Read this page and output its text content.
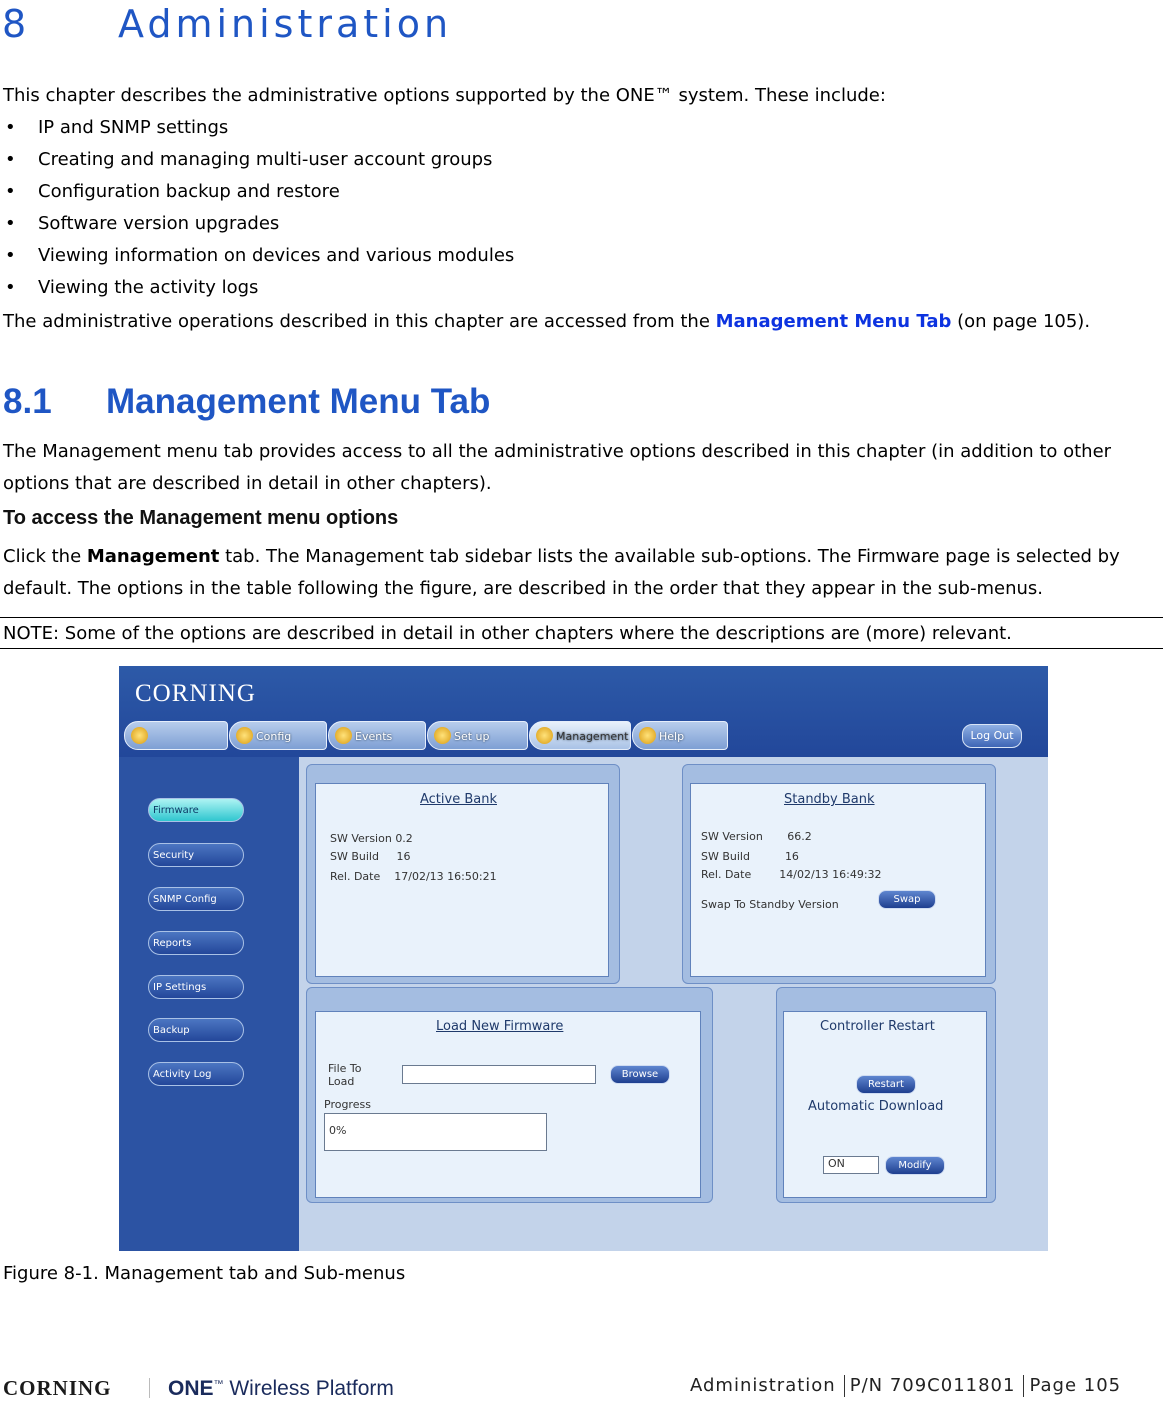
8 Administration
This chapter describes the administrative options supported by the ONE™ system. These include:
• IP and SNMP settings
• Creating and managing multi-user account groups
• Configuration backup and restore
• Software version upgrades
• Viewing information on devices and various modules
• Viewing the activity logs
The administrative operations described in this chapter are accessed from the Management Menu Tab (on page 105).
8.1 Management Menu Tab
The Management menu tab provides access to all the administrative options described in this chapter (in addition to other options that are described in detail in other chapters).
To access the Management menu options
Click the Management tab. The Management tab sidebar lists the available sub-options. The Firmware page is selected by default. The options in the table following the figure, are described in the order that they appear in the sub-menus.
NOTE: Some of the options are described in detail in other chapters where the descriptions are (more) relevant.
CORNING
Config	Events	Set up	Management	Help	Log Out
Firmware
Security
SNMP Config
Reports
IP Settings
Backup
Activity Log
Active Bank
SW Version 0.2
SW Build 16
Rel. Date 17/02/13 16:50:21
Standby Bank
SW Version 66.2
SW Build	16
Rel. Date	14/02/13 16:49:32
Swap To Standby Version	Swap
Load New Firmware
File To Load
Browse
Progress
0%
Controller Restart
Restart
Automatic Download
ON	Modify
Figure 8-1. Management tab and Sub-menus
CORNING	ONE™ Wireless Platform	Administration P/N 709C011801 Page 105
